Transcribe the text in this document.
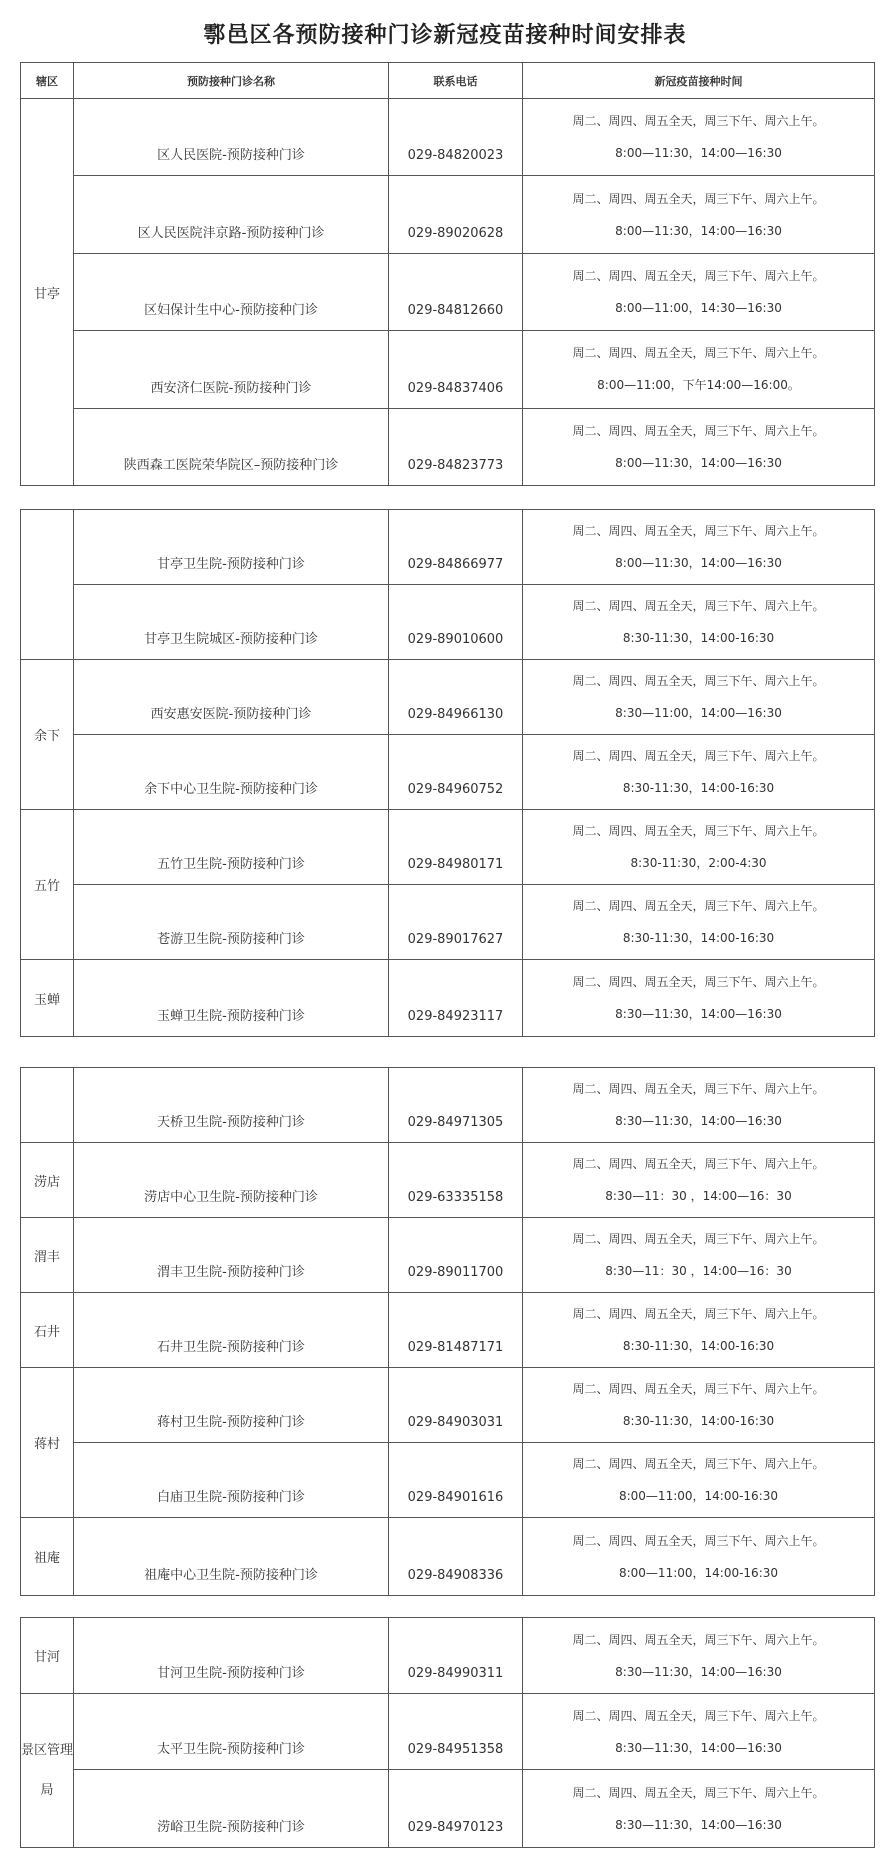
鄠邑区各预防接种门诊新冠疫苗接种时间安排表
辖区	预防接种门诊名称	联系电话	新冠疫苗接种时间
甘亭	区人民医院-预防接种门诊	029-84820023	周二、周四、周五全天，周三下午、周六上午。
8:00—11:30，14:00—16:30

	区人民医院沣京路-预防接种门诊	029-89020628	周二、周四、周五全天，周三下午、周六上午。
8:00—11:30，14:00—16:30

	区妇保计生中心-预防接种门诊	029-84812660	周二、周四、周五全天，周三下午、周六上午。
8:00—11:00，14:30—16:30

	西安济仁医院-预防接种门诊	029-84837406	周二、周四、周五全天，周三下午、周六上午。
8:00—11:00，下午14:00—16:00。

	陕西森工医院荣华院区–预防接种门诊	029-84823773	周二、周四、周五全天，周三下午、周六上午。
8:00—11:30，14:00—16:30
	甘亭卫生院-预防接种门诊	029-84866977	周二、周四、周五全天，周三下午、周六上午。
8:00—11:30，14:00—16:30

	甘亭卫生院城区-预防接种门诊	029-89010600	周二、周四、周五全天，周三下午、周六上午。
8:30-11:30，14:00-16:30

余下	西安惠安医院-预防接种门诊	029-84966130	周二、周四、周五全天，周三下午、周六上午。
8:30—11:00，14:00—16:30

	余下中心卫生院-预防接种门诊	029-84960752	周二、周四、周五全天，周三下午、周六上午。
8:30-11:30，14:00-16:30

五竹	五竹卫生院-预防接种门诊	029-84980171	周二、周四、周五全天，周三下午、周六上午。
8:30-11:30，2:00-4:30

	苍游卫生院-预防接种门诊	029-89017627	周二、周四、周五全天，周三下午、周六上午。
8:30-11:30，14:00-16:30

玉蝉	玉蝉卫生院-预防接种门诊	029-84923117	周二、周四、周五全天，周三下午、周六上午。
8:30—11:30，14:00—16:30
	天桥卫生院-预防接种门诊	029-84971305	周二、周四、周五全天，周三下午、周六上午。
8:30—11:30，14:00—16:30

涝店	涝店中心卫生院-预防接种门诊	029-63335158	周二、周四、周五全天，周三下午、周六上午。
8:30—11：30 ，14:00—16：30

渭丰	渭丰卫生院-预防接种门诊	029-89011700	周二、周四、周五全天，周三下午、周六上午。
8:30—11：30 ，14:00—16：30

石井	石井卫生院-预防接种门诊	029-81487171	周二、周四、周五全天，周三下午、周六上午。
8:30-11:30，14:00-16:30

蒋村	蒋村卫生院-预防接种门诊	029-84903031	周二、周四、周五全天，周三下午、周六上午。
8:30-11:30，14:00-16:30

	白庙卫生院-预防接种门诊	029-84901616	周二、周四、周五全天，周三下午、周六上午。
8:00—11:00，14:00-16:30

祖庵	祖庵中心卫生院-预防接种门诊	029-84908336	周二、周四、周五全天，周三下午、周六上午。
8:00—11:00，14:00-16:30
甘河	甘河卫生院-预防接种门诊	029-84990311	周二、周四、周五全天，周三下午、周六上午。
8:30—11:30，14:00—16:30

景区管理局	太平卫生院-预防接种门诊	029-84951358	周二、周四、周五全天，周三下午、周六上午。
8:30—11:30，14:00—16:30

	涝峪卫生院-预防接种门诊	029-84970123	周二、周四、周五全天，周三下午、周六上午。
8:30—11:30，14:00—16:30
